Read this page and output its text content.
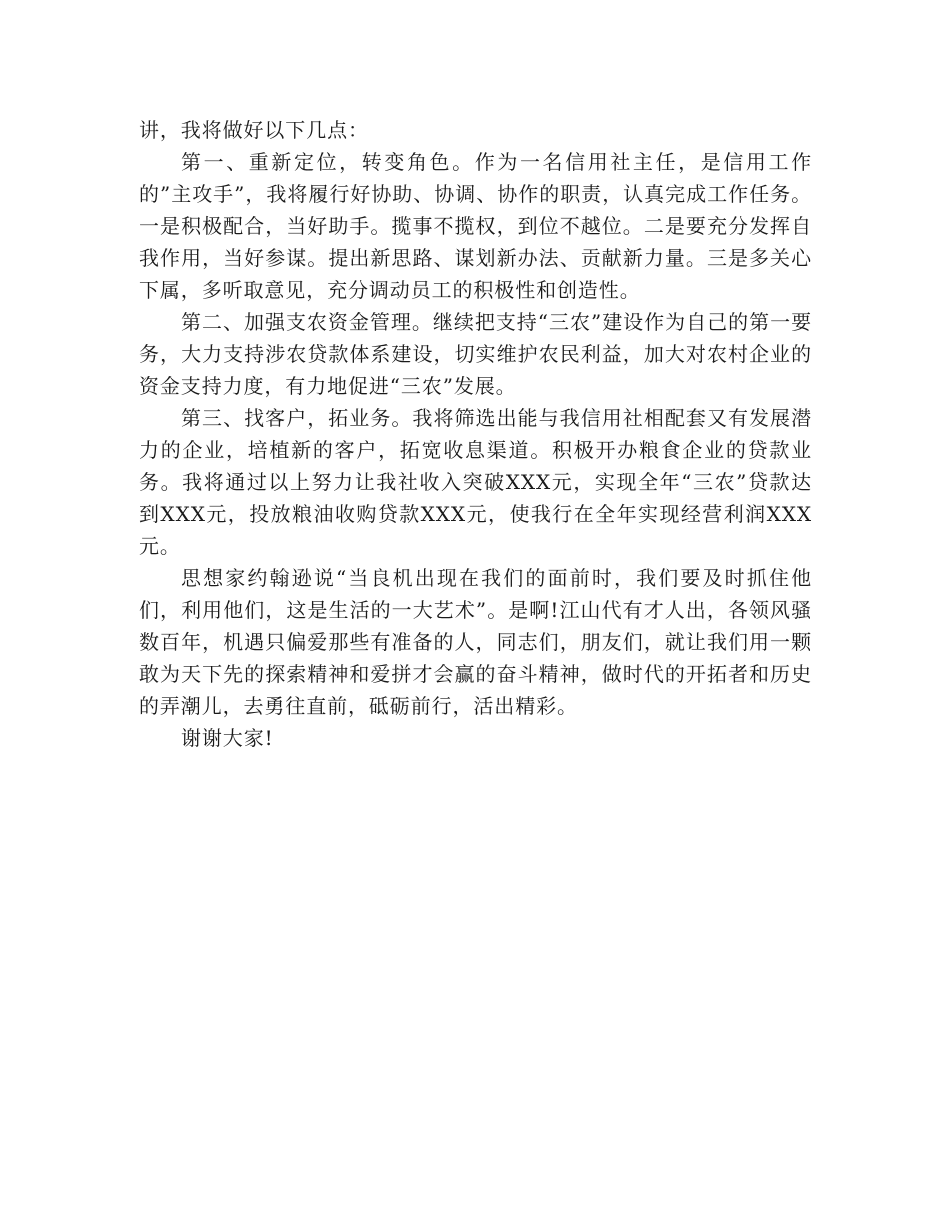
讲，我将做好以下几点：

第一、重新定位，转变角色。作为一名信用社主任，是信用工作的”主攻手”，我将履行好协助、协调、协作的职责，认真完成工作任务。一是积极配合，当好助手。揽事不揽权，到位不越位。二是要充分发挥自我作用，当好参谋。提出新思路、谋划新办法、贡献新力量。三是多关心下属，多听取意见，充分调动员工的积极性和创造性。

第二、加强支农资金管理。继续把支持“三农”建设作为自己的第一要务，大力支持涉农贷款体系建设，切实维护农民利益，加大对农村企业的资金支持力度，有力地促进“三农”发展。

第三、找客户，拓业务。我将筛选出能与我信用社相配套又有发展潜力的企业，培植新的客户，拓宽收息渠道。积极开办粮食企业的贷款业务。我将通过以上努力让我社收入突破XXX元，实现全年“三农”贷款达到XXX元，投放粮油收购贷款XXX元，使我行在全年实现经营利润XXX元。

思想家约翰逊说“当良机出现在我们的面前时，我们要及时抓住他们，利用他们，这是生活的一大艺术”。是啊!江山代有才人出，各领风骚数百年，机遇只偏爱那些有准备的人，同志们，朋友们，就让我们用一颗敢为天下先的探索精神和爱拼才会赢的奋斗精神，做时代的开拓者和历史的弄潮儿，去勇往直前，砥砺前行，活出精彩。

谢谢大家!
